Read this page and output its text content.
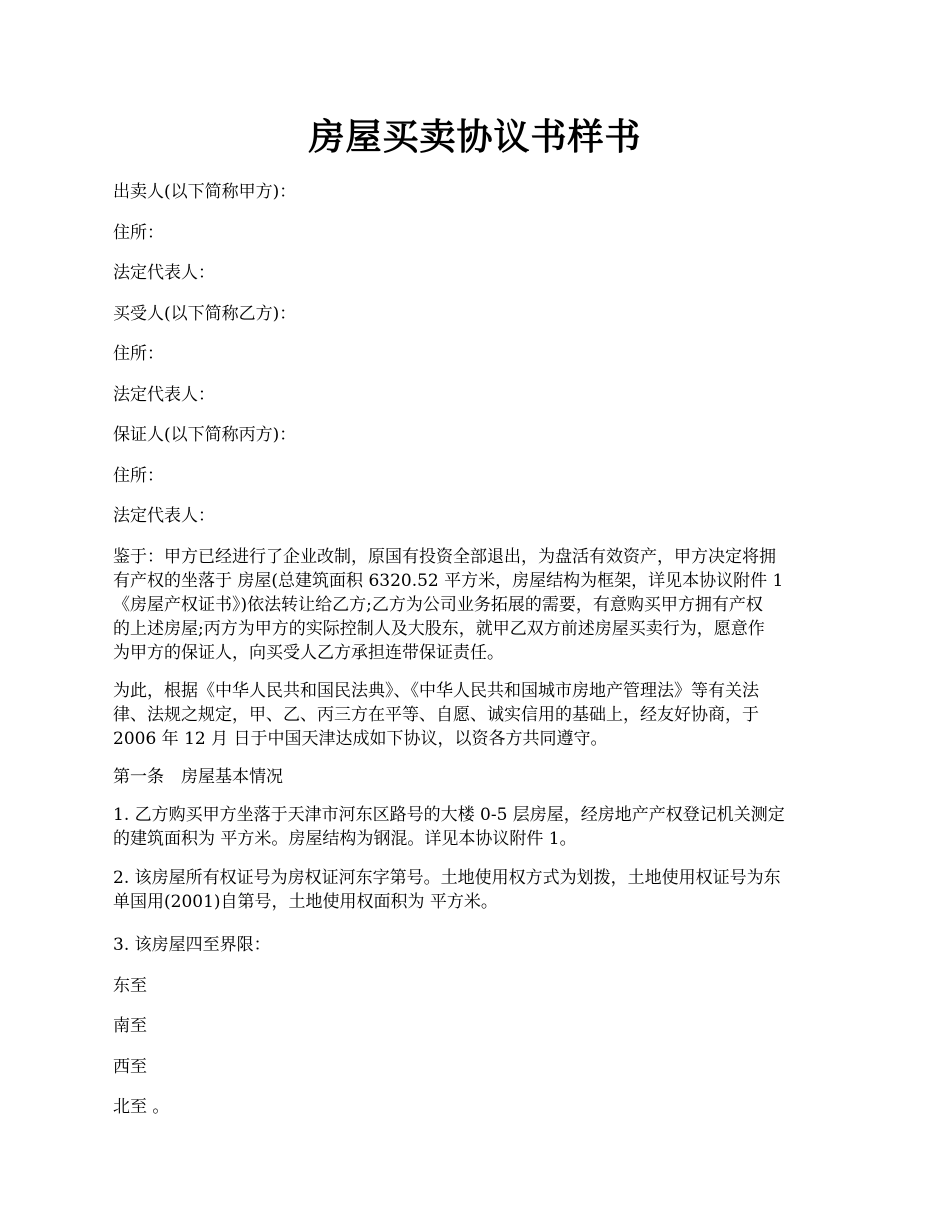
房屋买卖协议书样书

出卖人(以下简称甲方)：

住所：

法定代表人：

买受人(以下简称乙方)：

住所：

法定代表人：

保证人(以下简称丙方)：

住所：

法定代表人：

鉴于：甲方已经进行了企业改制，原国有投资全部退出，为盘活有效资产，甲方决定将拥

有产权的坐落于 房屋(总建筑面积 6320.52 平方米，房屋结构为框架，详见本协议附件 1

《房屋产权证书》)依法转让给乙方;乙方为公司业务拓展的需要，有意购买甲方拥有产权

的上述房屋;丙方为甲方的实际控制人及大股东，就甲乙双方前述房屋买卖行为，愿意作

为甲方的保证人，向买受人乙方承担连带保证责任。

为此，根据《中华人民共和国民法典》、《中华人民共和国城市房地产管理法》等有关法

律、法规之规定，甲、乙、丙三方在平等、自愿、诚实信用的基础上，经友好协商，于

2006 年 12 月 日于中国天津达成如下协议，以资各方共同遵守。

第一条　房屋基本情况

1. 乙方购买甲方坐落于天津市河东区路号的大楼 0-5 层房屋，经房地产产权登记机关测定

的建筑面积为 平方米。房屋结构为钢混。详见本协议附件 1。

2. 该房屋所有权证号为房权证河东字第号。土地使用权方式为划拨，土地使用权证号为东

单国用(2001)自第号，土地使用权面积为 平方米。

3. 该房屋四至界限：

东至

南至

西至

北至 。
